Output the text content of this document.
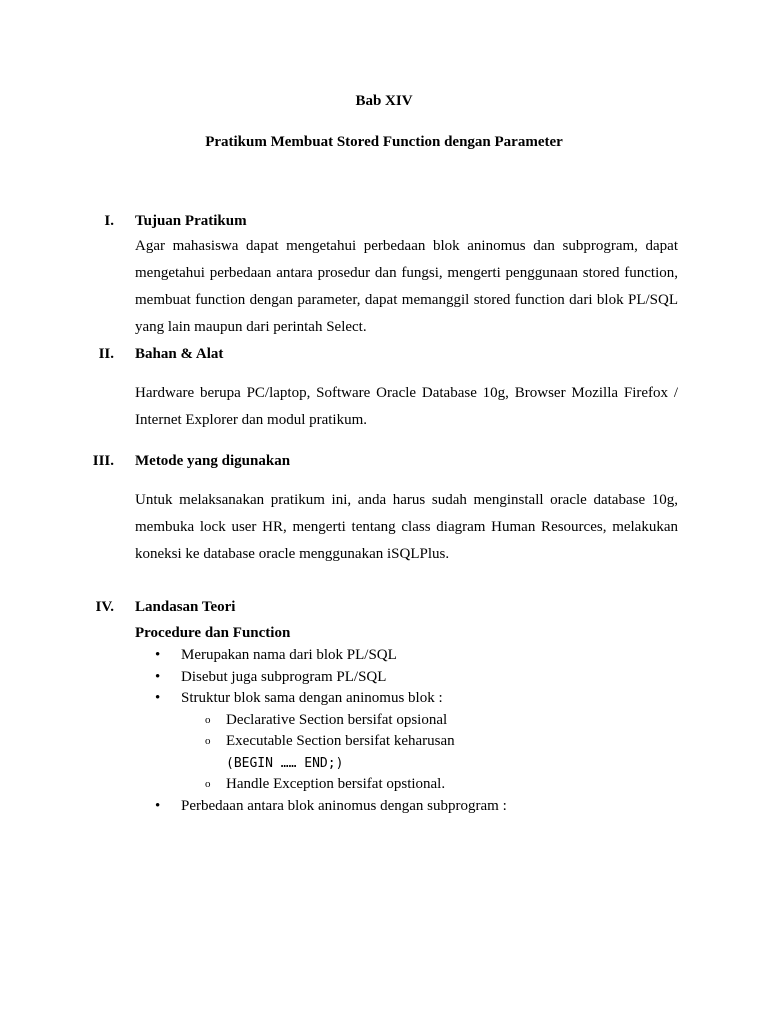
Bab XIV
Pratikum Membuat Stored Function dengan Parameter
I. Tujuan Pratikum
Agar mahasiswa dapat mengetahui perbedaan blok aninomus dan subprogram, dapat mengetahui perbedaan antara prosedur dan fungsi, mengerti penggunaan stored function, membuat function dengan parameter, dapat memanggil stored function dari blok PL/SQL yang lain maupun dari perintah Select.
II. Bahan & Alat
Hardware berupa PC/laptop, Software Oracle Database 10g, Browser Mozilla Firefox / Internet Explorer dan modul pratikum.
III. Metode yang digunakan
Untuk melaksanakan pratikum ini, anda harus sudah menginstall oracle database 10g, membuka lock user HR, mengerti tentang class diagram Human Resources, melakukan koneksi ke database oracle menggunakan iSQLPlus.
IV. Landasan Teori
Procedure dan Function
• Merupakan nama dari blok PL/SQL
• Disebut juga subprogram PL/SQL
• Struktur blok sama dengan aninomus blok :
o Declarative Section bersifat opsional
o Executable Section bersifat keharusan
(BEGIN …… END;)
o Handle Exception bersifat opstional.
• Perbedaan antara blok aninomus dengan subprogram :
